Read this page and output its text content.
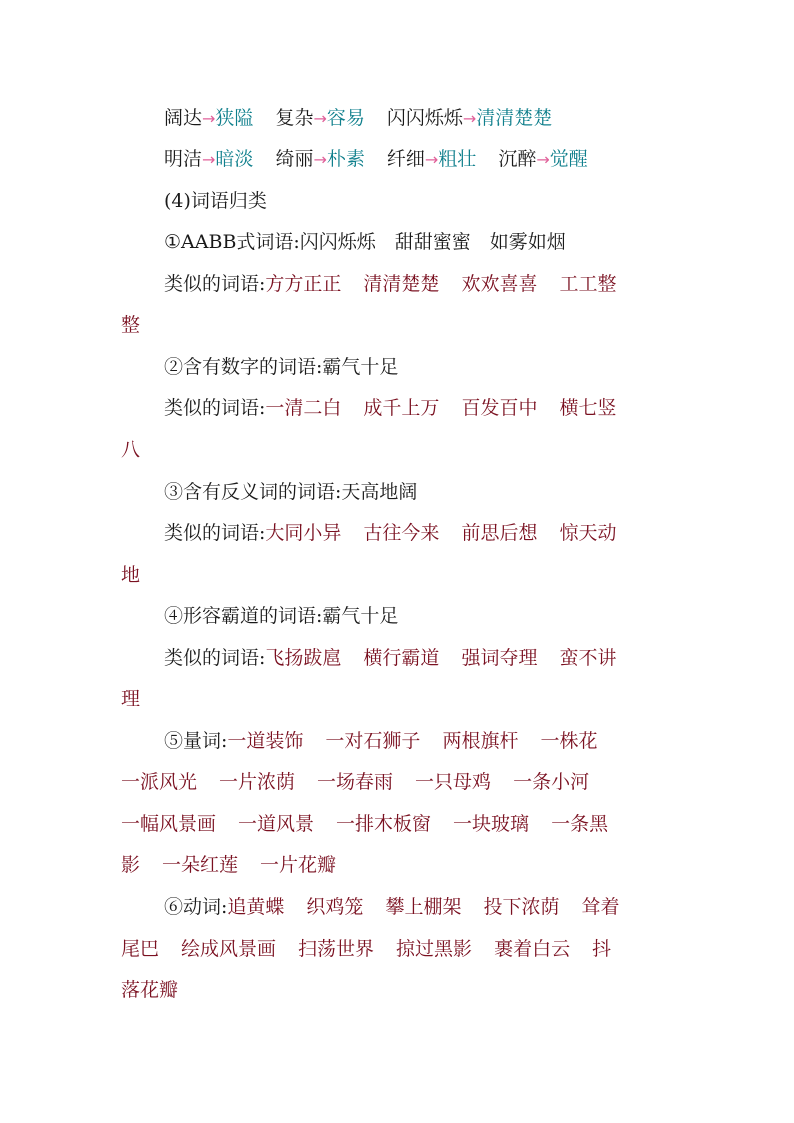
阔达→狭隘 复杂→容易 闪闪烁烁→清清楚楚
明洁→暗淡 绮丽→朴素 纤细→粗壮 沉醉→觉醒
(4)词语归类
①AABB式词语:闪闪烁烁　甜甜蜜蜜　如雾如烟
类似的词语:方方正正 清清楚楚 欢欢喜喜 工工整
整
②含有数字的词语:霸气十足
类似的词语:一清二白 成千上万 百发百中 横七竖
八
③含有反义词的词语:天高地阔
类似的词语:大同小异 古往今来 前思后想 惊天动
地
④形容霸道的词语:霸气十足
类似的词语:飞扬跋扈 横行霸道 强词夺理 蛮不讲
理
⑤量词:一道装饰 一对石狮子 两根旗杆 一株花
一派风光 一片浓荫 一场春雨 一只母鸡 一条小河
一幅风景画 一道风景 一排木板窗 一块玻璃 一条黑
影 一朵红莲 一片花瓣
⑥动词:追黄蝶 织鸡笼 攀上棚架 投下浓荫 耸着
尾巴 绘成风景画 扫荡世界 掠过黑影 裹着白云 抖
落花瓣
